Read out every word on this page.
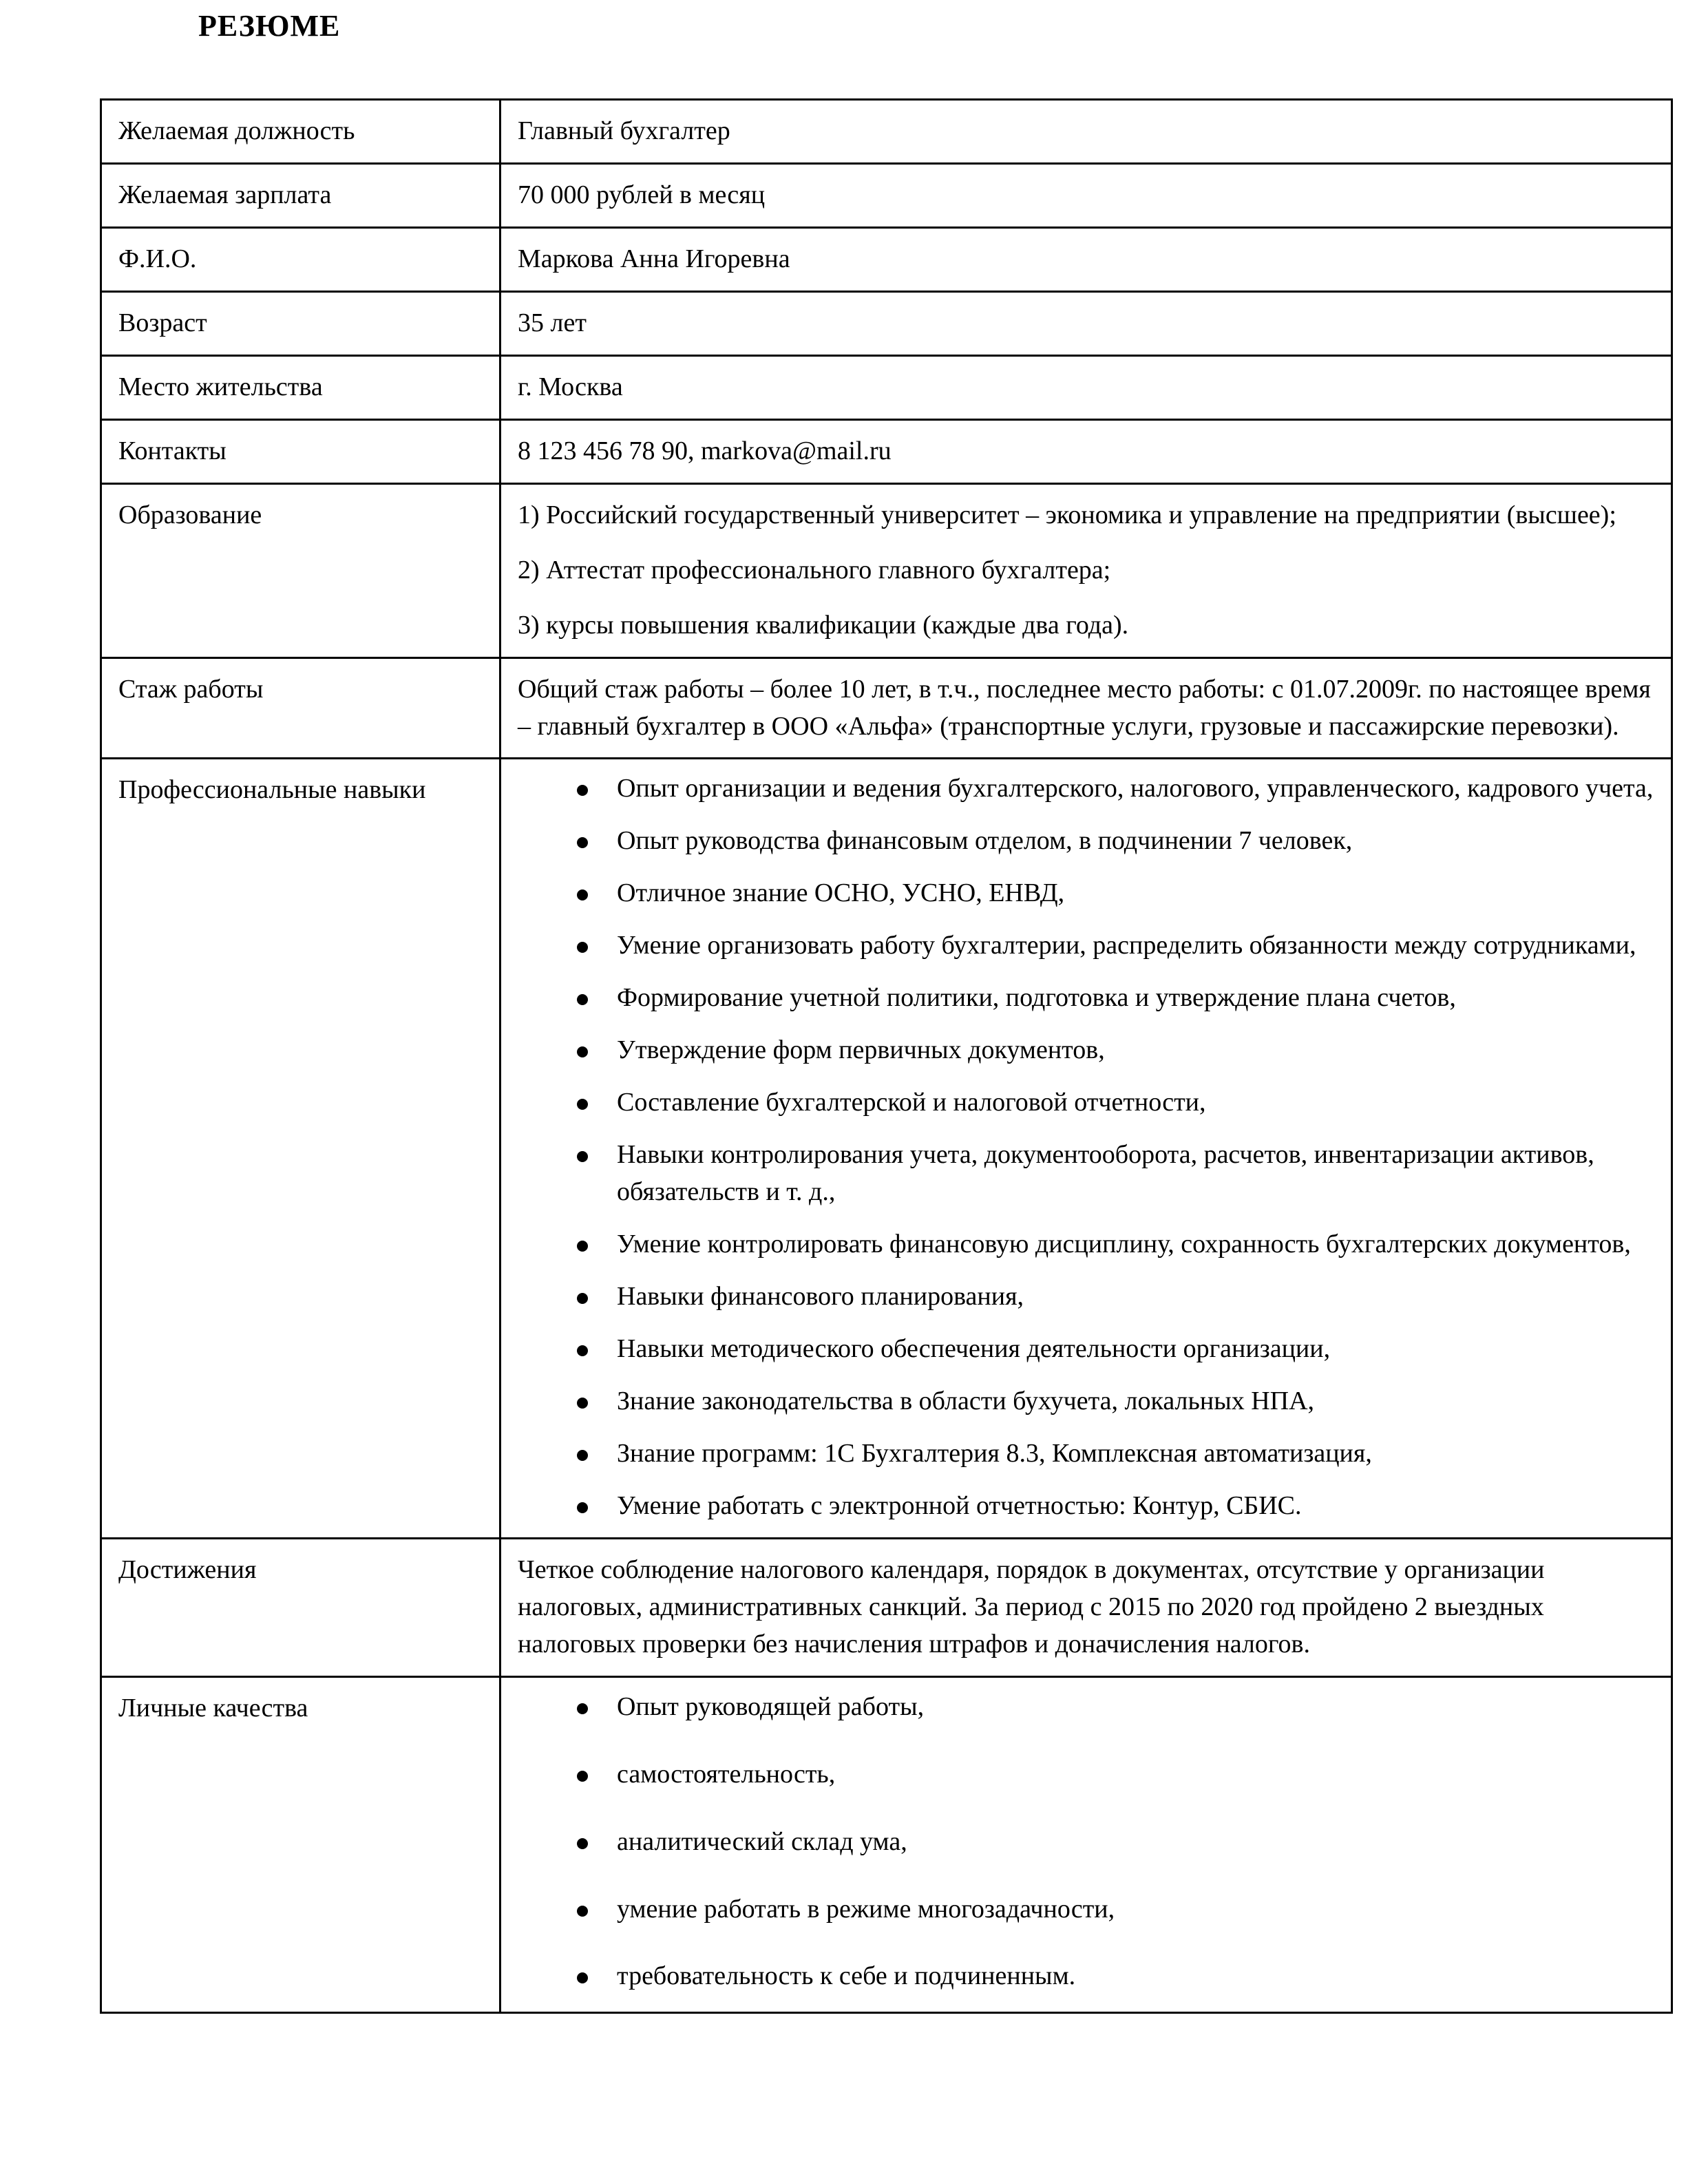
РЕЗЮМЕ
Желаемая должность	Главный бухгалтер
Желаемая зарплата	70 000 рублей в месяц
Ф.И.О.	Маркова Анна Игоревна
Возраст	35 лет
Место жительства	г. Москва
Контакты	8 123 456 78 90, markova@mail.ru
Образование	1) Российский государственный университет – экономика и управление на предприятии (высшее);
2) Аттестат профессионального главного бухгалтера;
3) курсы повышения квалификации (каждые два года).

Стаж работы	Общий стаж работы – более 10 лет, в т.ч., последнее место работы: с 01.07.2009г. по настоящее время – главный бухгалтер в ООО «Альфа» (транспортные услуги, грузовые и пассажирские перевозки).

Профессиональные навыки	Опыт организации и ведения бухгалтерского, налогового, управленческого, кадрового учета,
Опыт руководства финансовым отделом, в подчинении 7 человек,
Отличное знание ОСНО, УСНО, ЕНВД,
Умение организовать работу бухгалтерии, распределить обязанности между сотрудниками,
Формирование учетной политики, подготовка и утверждение плана счетов,
Утверждение форм первичных документов,
Составление бухгалтерской и налоговой отчетности,
Навыки контролирования учета, документооборота, расчетов, инвентаризации активов, обязательств и т. д.,
Умение контролировать финансовую дисциплину, сохранность бухгалтерских документов,
Навыки финансового планирования,
Навыки методического обеспечения деятельности организации,
Знание законодательства в области бухучета, локальных НПА,
Знание программ: 1С Бухгалтерия 8.3, Комплексная автоматизация,
Умение работать с электронной отчетностью: Контур, СБИС.

Достижения	Четкое соблюдение налогового календаря, порядок в документах, отсутствие у организации налоговых, административных санкций. За период с 2015 по 2020 год пройдено 2 выездных налоговых проверки без начисления штрафов и доначисления налогов.

Личные качества	Опыт руководящей работы,
самостоятельность,
аналитический склад ума,
умение работать в режиме многозадачности,
требовательность к себе и подчиненным.
